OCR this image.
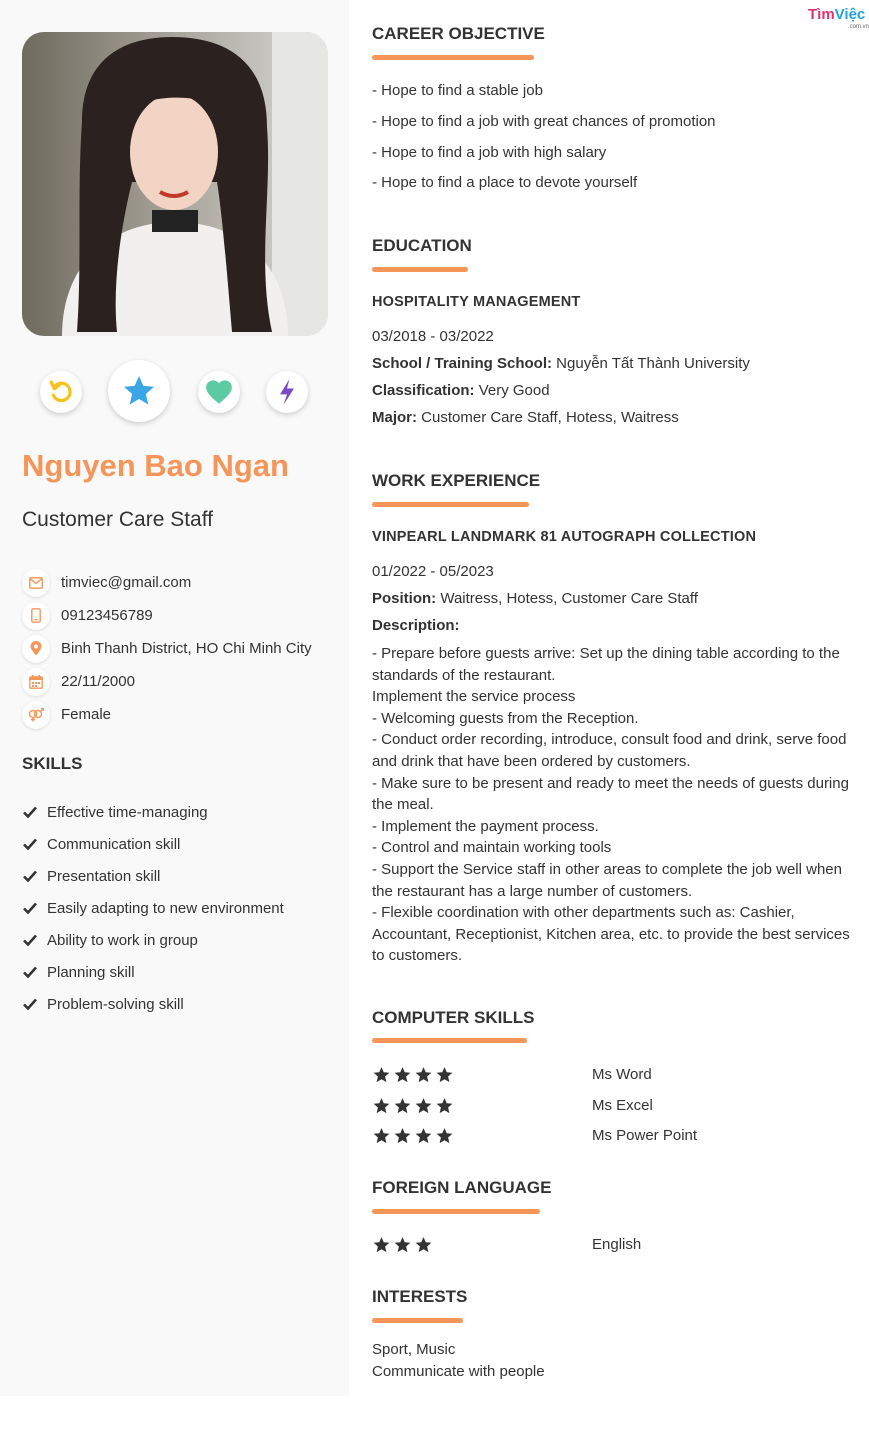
TìmViệc
.com.vn
Nguyen Bao Ngan
Customer Care Staff
timviec@gmail.com
09123456789
Binh Thanh District, HO Chi Minh City
22/11/2000
Female
SKILLS
Effective time-managing
Communication skill
Presentation skill
Easily adapting to new environment
Ability to work in group
Planning skill
Problem-solving skill
CAREER OBJECTIVE
- Hope to find a stable job
- Hope to find a job with great chances of promotion
- Hope to find a job with high salary
- Hope to find a place to devote yourself
EDUCATION
HOSPITALITY MANAGEMENT
03/2018 - 03/2022
School / Training School: Nguyễn Tất Thành University
Classification: Very Good
Major: Customer Care Staff, Hotess, Waitress
WORK EXPERIENCE
VINPEARL LANDMARK 81 AUTOGRAPH COLLECTION
01/2022 - 05/2023
Position: Waitress, Hotess, Customer Care Staff
Description:
- Prepare before guests arrive: Set up the dining table according to the standards of the restaurant.
Implement the service process
- Welcoming guests from the Reception.
- Conduct order recording, introduce, consult food and drink, serve food and drink that have been ordered by customers.
- Make sure to be present and ready to meet the needs of guests during the meal.
- Implement the payment process.
- Control and maintain working tools
- Support the Service staff in other areas to complete the job well when the restaurant has a large number of customers.
- Flexible coordination with other departments such as: Cashier, Accountant, Receptionist, Kitchen area, etc. to provide the best services to customers.
COMPUTER SKILLS
Ms Word
Ms Excel
Ms Power Point
FOREIGN LANGUAGE
English
INTERESTS
Sport, Music
Communicate with people
